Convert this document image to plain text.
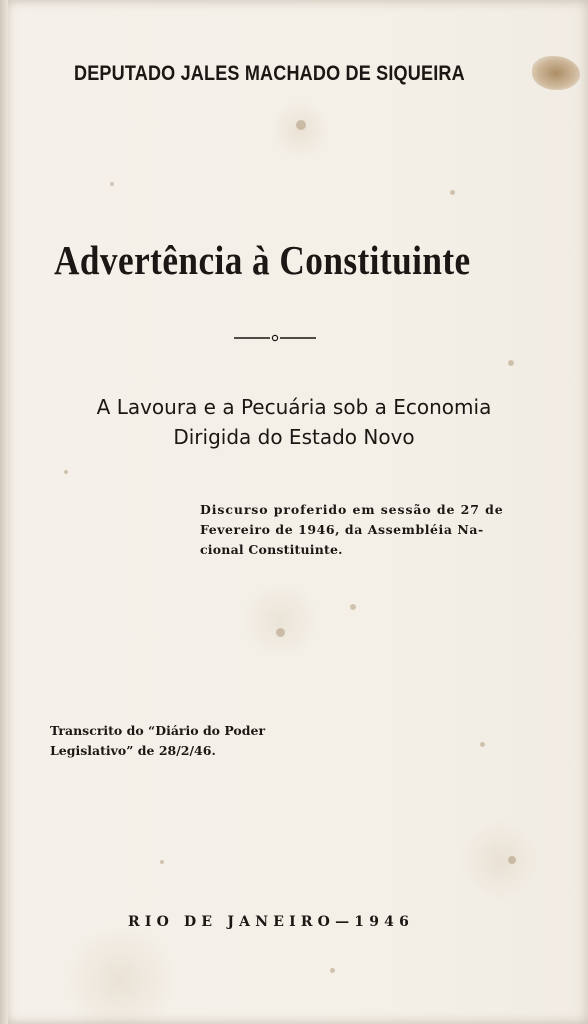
DEPUTADO JALES MACHADO DE SIQUEIRA
Advertência à Constituinte
A Lavoura e a Pecuária sob a Economia
Dirigida do Estado Novo
Discurso proferido em sessão de 27 de
Fevereiro de 1946, da Assembléia Na-
cional Constituinte.
Transcrito do “Diário do Poder
Legislativo” de 28/2/46.
RIO DE JANEIRO—1946
